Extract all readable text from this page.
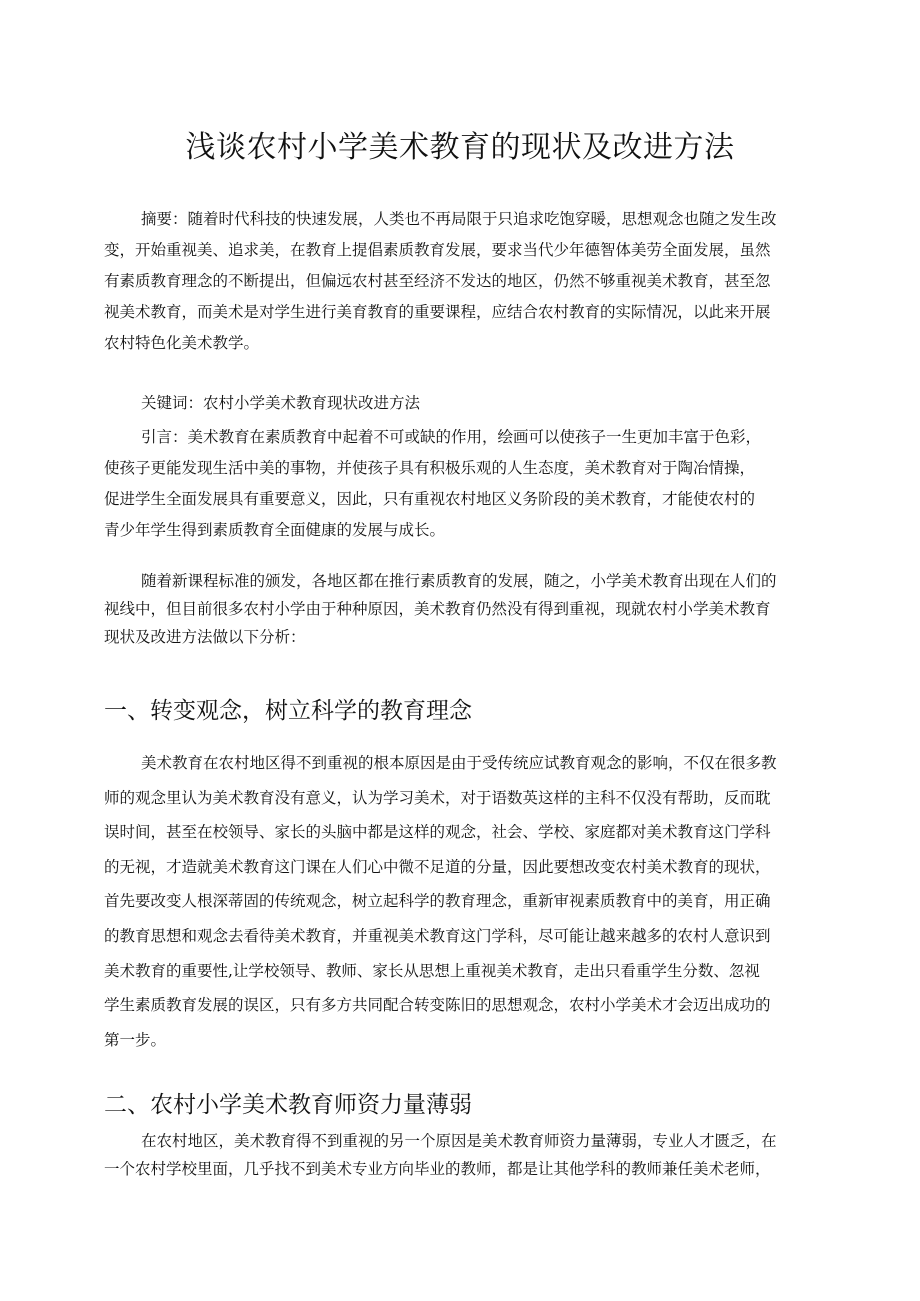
浅谈农村小学美术教育的现状及改进方法

摘要：随着时代科技的快速发展，人类也不再局限于只追求吃饱穿暖，思想观念也随之发生改
变，开始重视美、追求美，在教育上提倡素质教育发展，要求当代少年德智体美劳全面发展，虽然
有素质教育理念的不断提出，但偏远农村甚至经济不发达的地区，仍然不够重视美术教育，甚至忽
视美术教育，而美术是对学生进行美育教育的重要课程，应结合农村教育的实际情况，以此来开展
农村特色化美术教学。

关键词：农村小学美术教育现状改进方法

引言：美术教育在素质教育中起着不可或缺的作用，绘画可以使孩子一生更加丰富于色彩，
使孩子更能发现生活中美的事物，并使孩子具有积极乐观的人生态度，美术教育对于陶冶情操，
促进学生全面发展具有重要意义，因此，只有重视农村地区义务阶段的美术教育，才能使农村的
青少年学生得到素质教育全面健康的发展与成长。

随着新课程标准的颁发，各地区都在推行素质教育的发展，随之，小学美术教育出现在人们的
视线中，但目前很多农村小学由于种种原因，美术教育仍然没有得到重视，现就农村小学美术教育
现状及改进方法做以下分析：

一、转变观念，树立科学的教育理念

美术教育在农村地区得不到重视的根本原因是由于受传统应试教育观念的影响，不仅在很多教
师的观念里认为美术教育没有意义，认为学习美术，对于语数英这样的主科不仅没有帮助，反而耽
误时间，甚至在校领导、家长的头脑中都是这样的观念，社会、学校、家庭都对美术教育这门学科
的无视，才造就美术教育这门课在人们心中微不足道的分量，因此要想改变农村美术教育的现状，
首先要改变人根深蒂固的传统观念，树立起科学的教育理念，重新审视素质教育中的美育，用正确
的教育思想和观念去看待美术教育，并重视美术教育这门学科，尽可能让越来越多的农村人意识到
美术教育的重要性,让学校领导、教师、家长从思想上重视美术教育，走出只看重学生分数、忽视
学生素质教育发展的误区，只有多方共同配合转变陈旧的思想观念，农村小学美术才会迈出成功的
第一步。

二、农村小学美术教育师资力量薄弱

在农村地区，美术教育得不到重视的另一个原因是美术教育师资力量薄弱，专业人才匮乏，在
一个农村学校里面，几乎找不到美术专业方向毕业的教师，都是让其他学科的教师兼任美术老师，
